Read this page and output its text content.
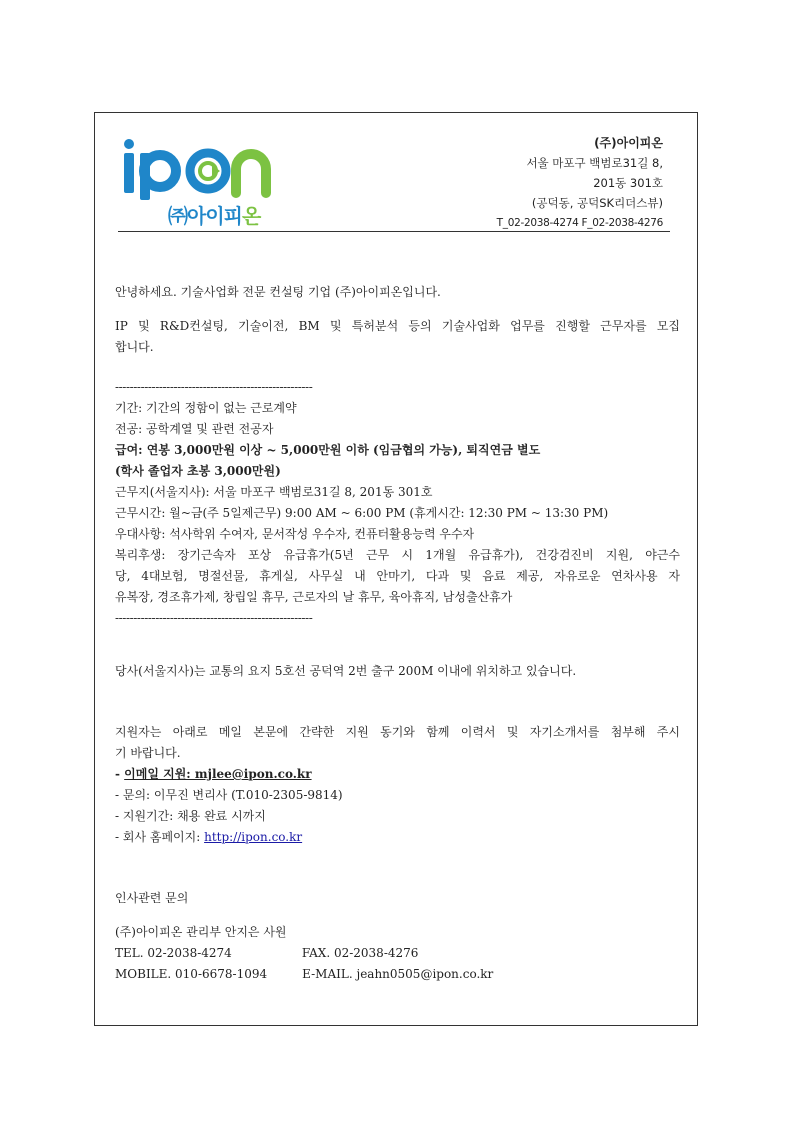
㈜아이피온
(주)아이피온
서울 마포구 백범로31길 8,
201동 301호
(공덕동, 공덕SK리더스뷰)
T_02-2038-4274 F_02-2038-4276
안녕하세요. 기술사업화 전문 컨설팅 기업 (주)아이피온입니다.
IP 및 R&D컨설팅, 기술이전, BM 및 특허분석 등의 기술사업화 업무를 진행할 근무자를 모집
합니다.
------------------------------------------------------
기간: 기간의 정함이 없는 근로계약
전공: 공학계열 및 관련 전공자
급여: 연봉 3,000만원 이상 ~ 5,000만원 이하 (임금협의 가능), 퇴직연금 별도
(학사 졸업자 초봉 3,000만원)
근무지(서울지사): 서울 마포구 백범로31길 8, 201동 301호
근무시간: 월~금(주 5일제근무) 9:00 AM ~ 6:00 PM (휴게시간: 12:30 PM ~ 13:30 PM)
우대사항: 석사학위 수여자, 문서작성 우수자, 컨퓨터활용능력 우수자
복리후생: 장기근속자 포상 유급휴가(5년 근무 시 1개월 유급휴가), 건강검진비 지원, 야근수
당, 4대보험, 명절선물, 휴게실, 사무실 내 안마기, 다과 및 음료 제공, 자유로운 연차사용 자
유복장, 경조휴가제, 창립일 휴무, 근로자의 날 휴무, 육아휴직, 남성출산휴가
------------------------------------------------------
당사(서울지사)는 교통의 요지 5호선 공덕역 2번 출구 200M 이내에 위치하고 있습니다.
지원자는 아래로 메일 본문에 간략한 지원 동기와 함께 이력서 및 자기소개서를 첨부해 주시
기 바랍니다.
- 이메일 지원: mjlee@ipon.co.kr
- 문의: 이무진 변리사 (T.010-2305-9814)
- 지원기간: 채용 완료 시까지
- 회사 홈페이지: http://ipon.co.kr
인사관련 문의
(주)아이피온 관리부 안지은 사원
TEL. 02-2038-4274	FAX. 02-2038-4276
MOBILE. 010-6678-1094	E-MAIL. jeahn0505@ipon.co.kr
